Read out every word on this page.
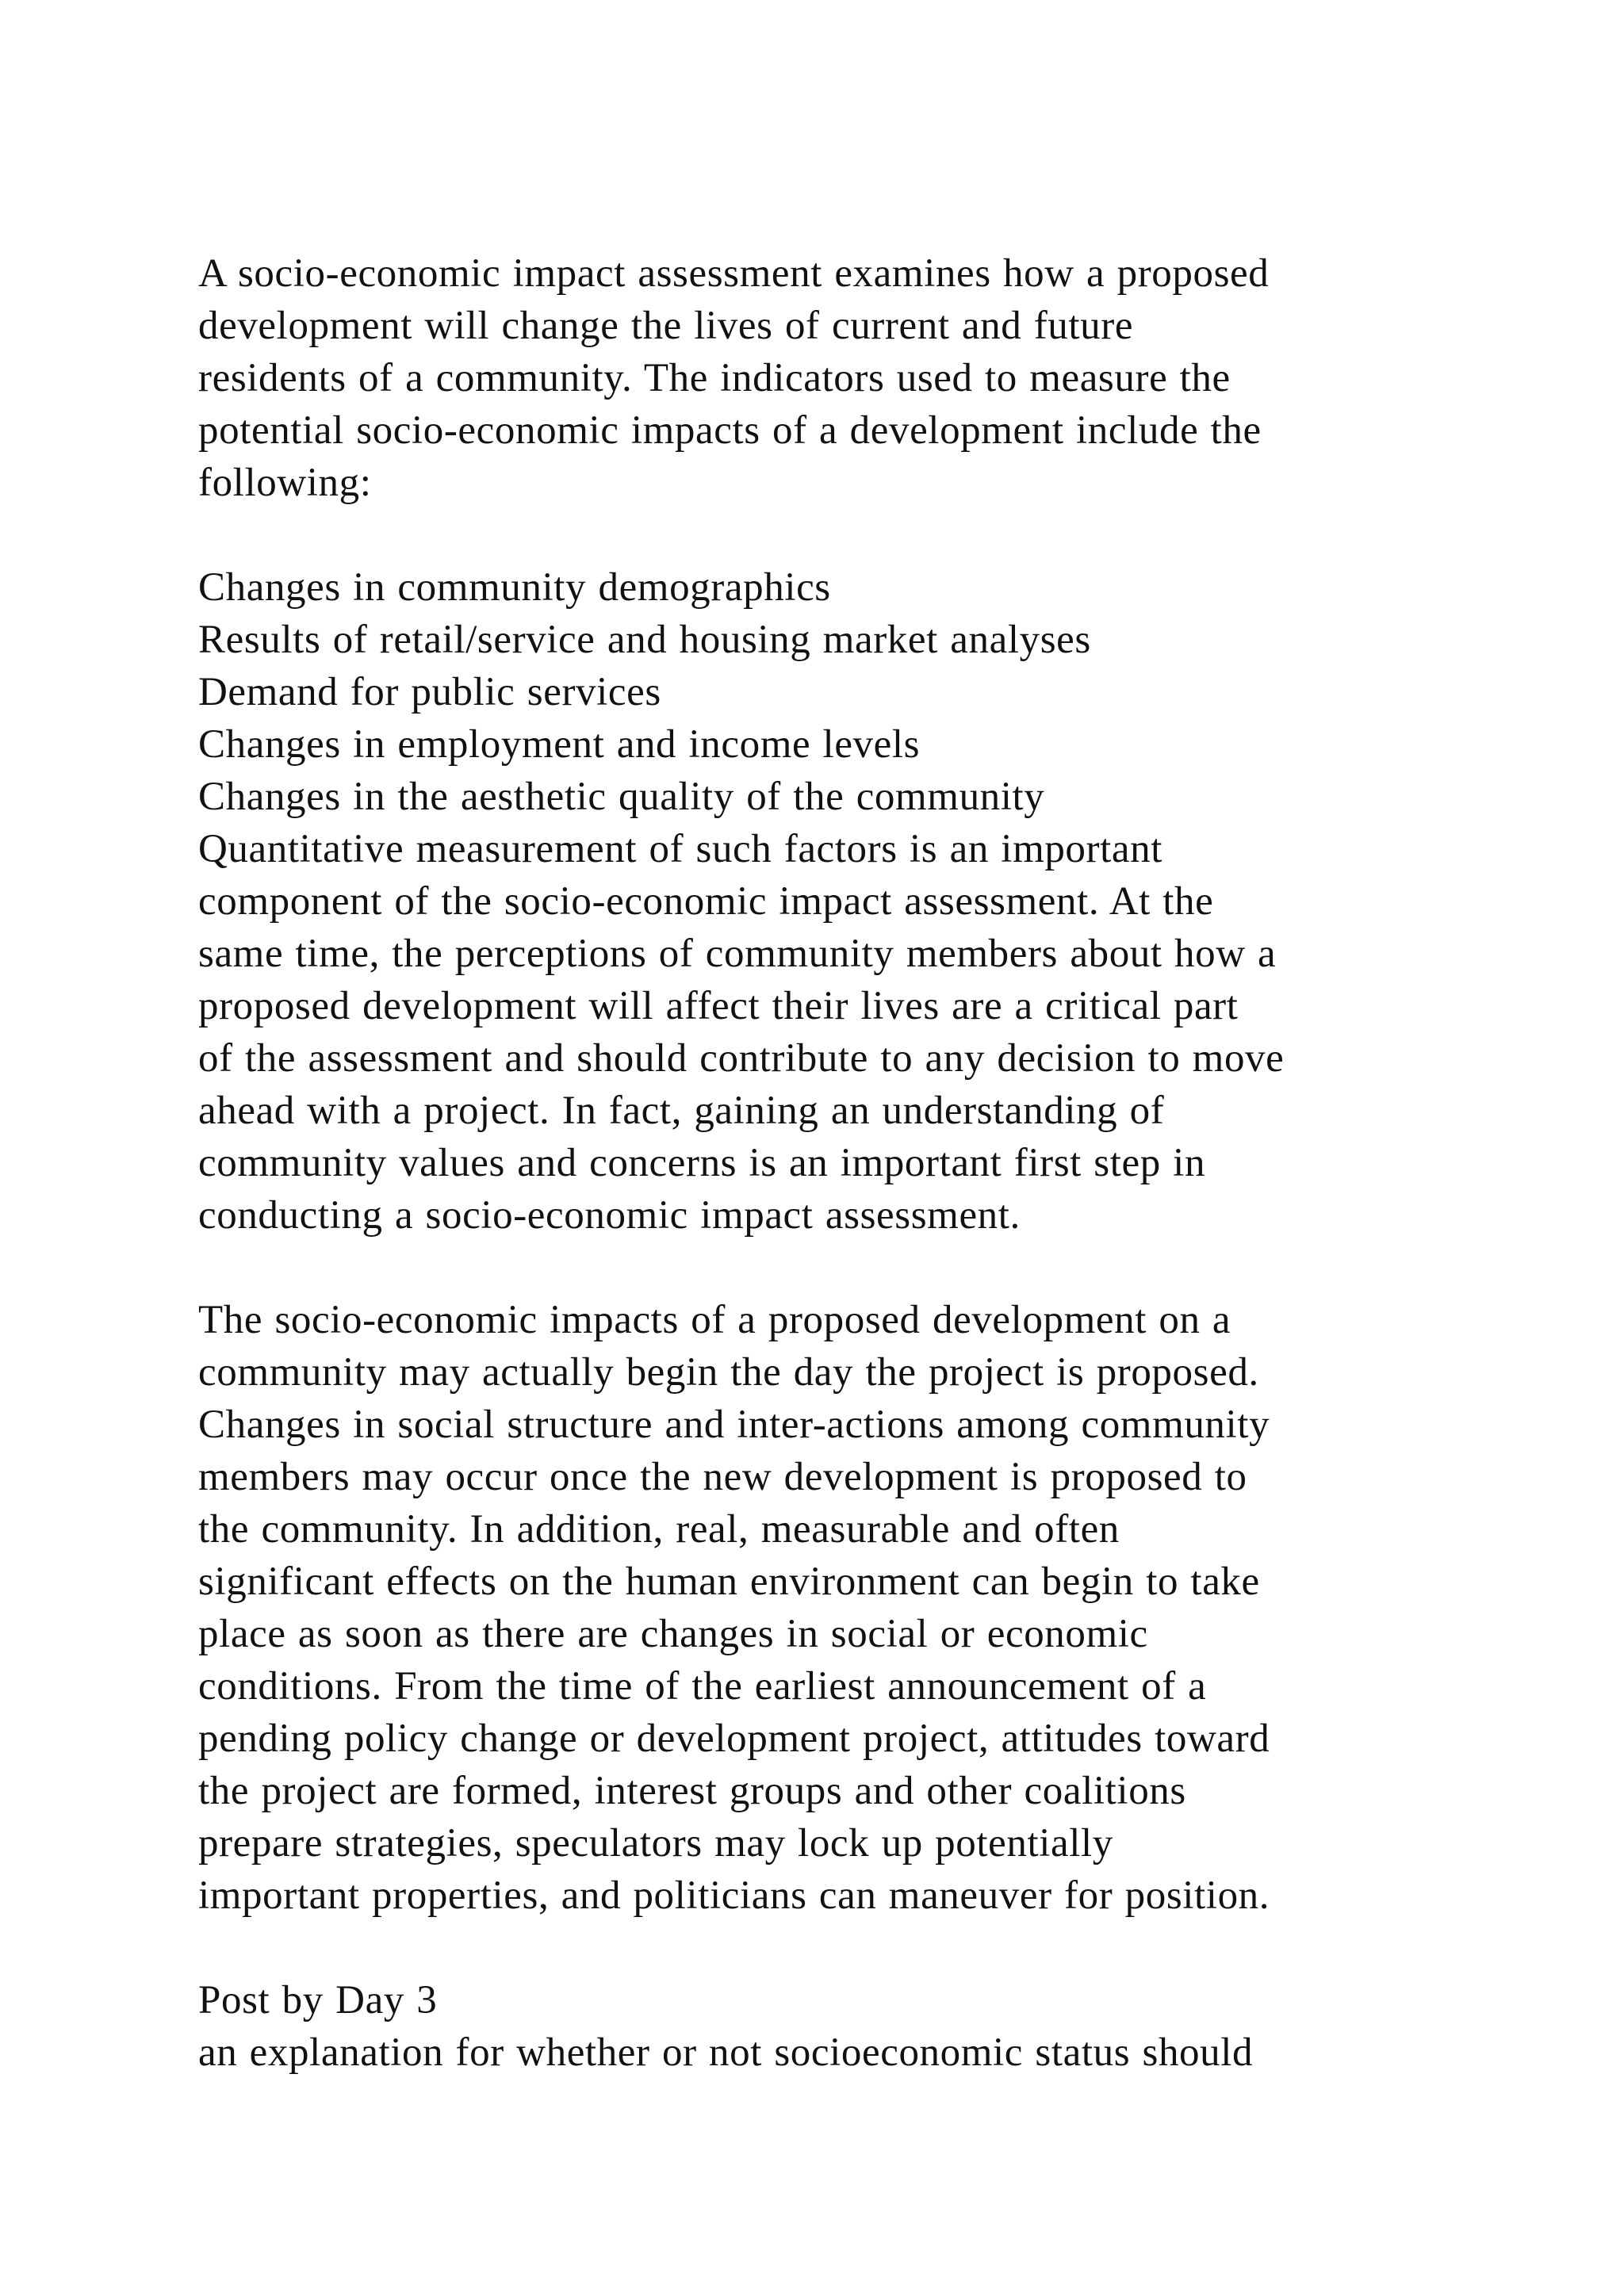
A socio-economic impact assessment examines how a proposed
development will change the lives of current and future
residents of a community. The indicators used to measure the
potential socio-economic impacts of a development include the
following:
Changes in community demographics
Results of retail/service and housing market analyses
Demand for public services
Changes in employment and income levels
Changes in the aesthetic quality of the community
Quantitative measurement of such factors is an important
component of the socio-economic impact assessment. At the
same time, the perceptions of community members about how a
proposed development will affect their lives are a critical part
of the assessment and should contribute to any decision to move
ahead with a project. In fact, gaining an understanding of
community values and concerns is an important first step in
conducting a socio-economic impact assessment.
The socio-economic impacts of a proposed development on a
community may actually begin the day the project is proposed.
Changes in social structure and inter-actions among community
members may occur once the new development is proposed to
the community. In addition, real, measurable and often
significant effects on the human environment can begin to take
place as soon as there are changes in social or economic
conditions. From the time of the earliest announcement of a
pending policy change or development project, attitudes toward
the project are formed, interest groups and other coalitions
prepare strategies, speculators may lock up potentially
important properties, and politicians can maneuver for position.
Post by Day 3
an explanation for whether or not socioeconomic status should
